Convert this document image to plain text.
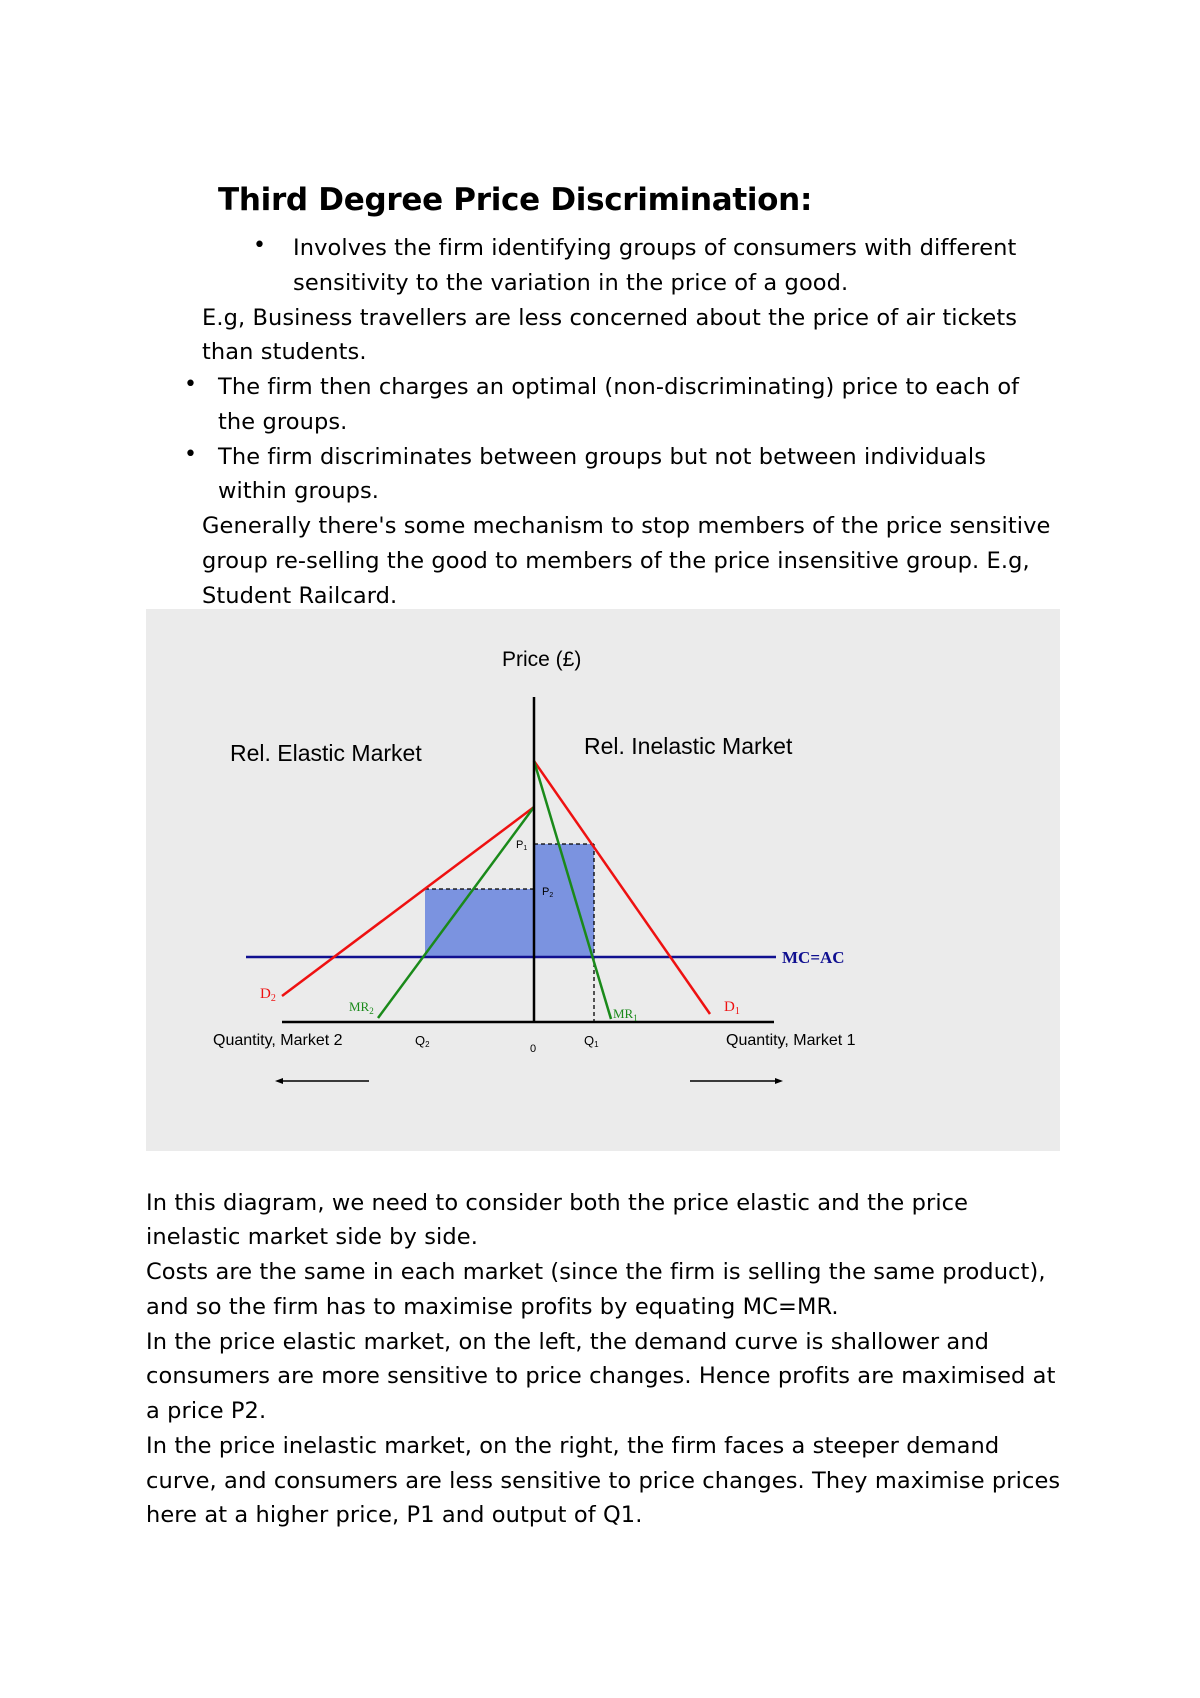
Third Degree Price Discrimination:
• Involves the firm identifying groups of consumers with different
sensitivity to the variation in the price of a good.
E.g, Business travellers are less concerned about the price of air tickets
than students.
• The firm then charges an optimal (non-discriminating) price to each of
the groups.
• The firm discriminates between groups but not between individuals
within groups.
Generally there's some mechanism to stop members of the price sensitive
group re-selling the good to members of the price insensitive group. E.g,
Student Railcard.
Price (£)
Rel. Elastic Market	Rel. Inelastic Market
MC=AC
$D_2$
$D_1$
$MR_2$	$MR_1$
P1
P2
Quantity, Market 2	Q2	0
Q1	Quantity, Market 1
In this diagram, we need to consider both the price elastic and the price
inelastic market side by side.
Costs are the same in each market (since the firm is selling the same product),
and so the firm has to maximise profits by equating MC=MR.
In the price elastic market, on the left, the demand curve is shallower and
consumers are more sensitive to price changes. Hence profits are maximised at
a price P2.
In the price inelastic market, on the right, the firm faces a steeper demand
curve, and consumers are less sensitive to price changes. They maximise prices
here at a higher price, P1 and output of Q1.
